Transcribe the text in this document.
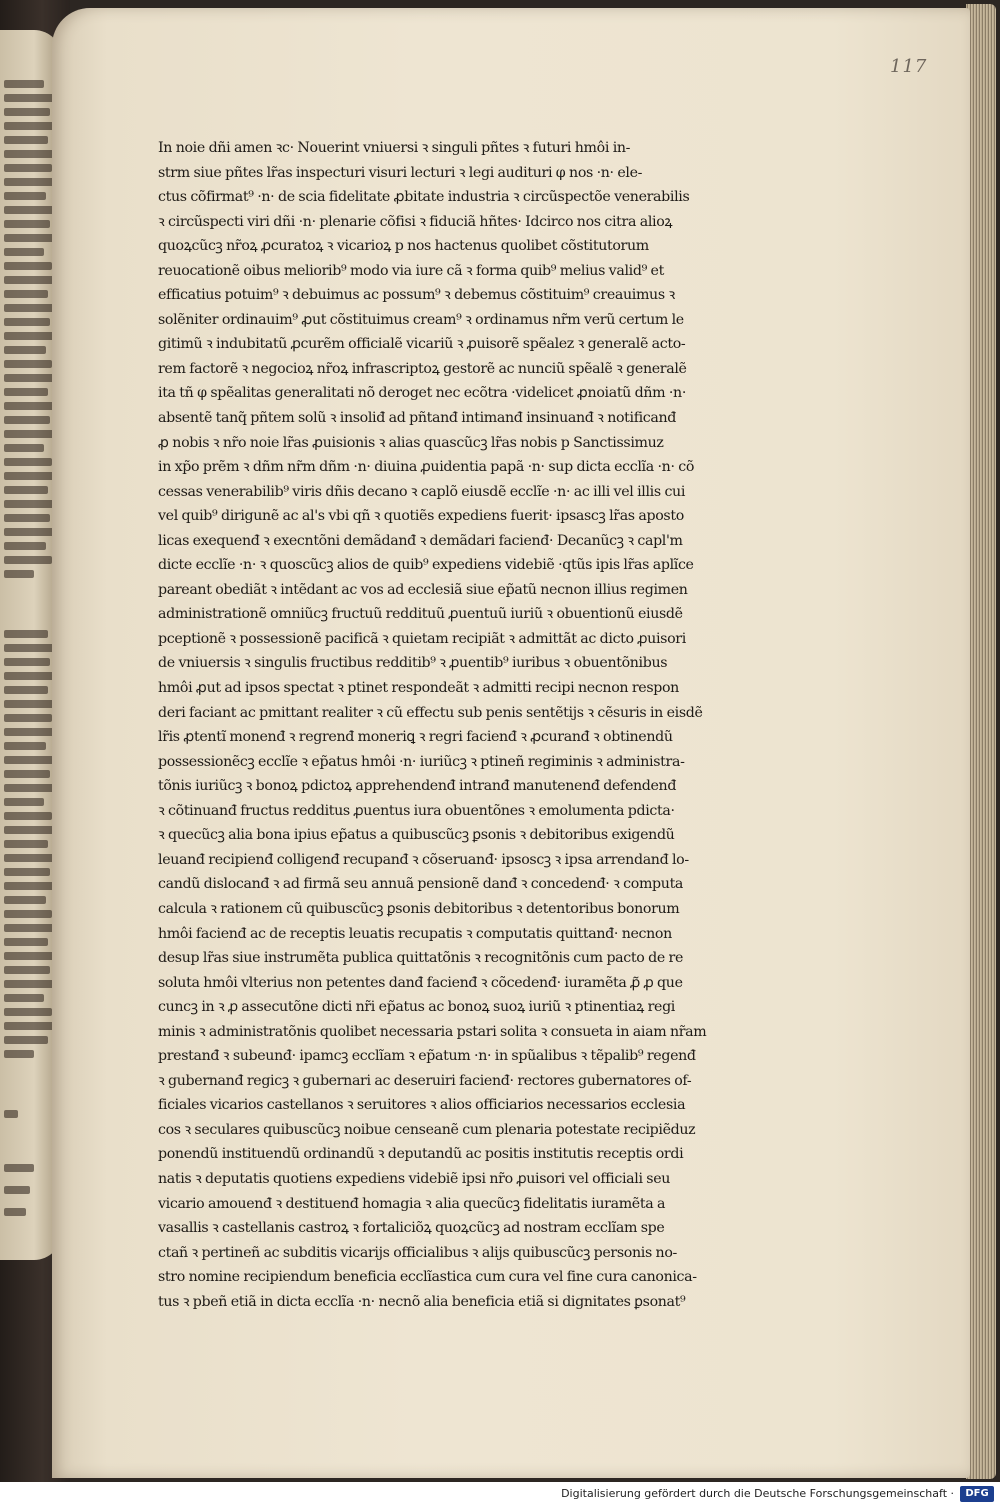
117
In noie dñi amen ꝛc· Nouerint vniuersi ꝛ singuli pñtes ꝛ futuri hmôi in-
strm siue pñtes lr̃as inspecturi visuri lecturi ꝛ legi audituri φ nos ·n· ele-
ctus cõfirmat⁹ ·n· de scia fidelitate ꝓbitate industria ꝛ circũspectõe venerabilis
ꝛ circũspecti viri dñi ·n· plenarie cõfisi ꝛ fiduciã hñtes· Idcirco nos citra alioꝝ
quoꝝcũcꝫ nr̃oꝝ ꝓcuratoꝝ ꝛ vicarioꝝ p nos hactenus quolibet cõstitutorum
reuocationẽ oibus meliorib⁹ modo via iure cã ꝛ forma quib⁹ melius valid⁹ et
efficatius potuim⁹ ꝛ debuimus ac possum⁹ ꝛ debemus cõstituim⁹ creauimus ꝛ
solẽniter ordinauim⁹ ꝓut cõstituimus cream⁹ ꝛ ordinamus nr̃m verũ certum le
gitimũ ꝛ indubitatũ ꝓcurẽm officialẽ vicariũ ꝛ ꝓuisorẽ spẽalez ꝛ generalẽ acto-
rem factorẽ ꝛ negocioꝝ nr̃oꝝ infrascriptoꝝ gestorẽ ac nunciũ spẽalẽ ꝛ generalẽ
ita tñ φ spẽalitas generalitati nõ deroget nec ecõtra ·videlicet ꝓnoiatũ dñm ·n·
absentẽ tanq̃ pñtem solũ ꝛ insoliđ ad pñtanđ intimanđ insinuanđ ꝛ notificanđ
ꝓ nobis ꝛ nr̃o noie lr̃as ꝓuisionis ꝛ alias quascũcꝫ lr̃as nobis p Sanctissimuz
in xp̃o prẽm ꝛ dñm nr̃m dñm ·n· diuina ꝓuidentia papã ·n· sup dicta ecclĩa ·n· cõ
cessas venerabilib⁹ viris dñis decano ꝛ caplõ eiusdẽ ecclĩe ·n· ac illi vel illis cui
vel quib⁹ dirigunẽ ac al's vbi qñ ꝛ quotiẽs expediens fuerit· ipsascꝫ lr̃as aposto
licas exequenđ ꝛ execntõni demãdanđ ꝛ demãdari facienđ· Decanũcꝫ ꝛ capl'm
dicte ecclĩe ·n· ꝛ quoscũcꝫ alios de quib⁹ expediens videbiẽ ·qtũs ipis lr̃as aplĩce
pareant obediãt ꝛ intẽdant ac vos ad ecclesiã siue ep̃atũ necnon illius regimen
administrationẽ omniũcꝫ fructuũ reddituũ ꝓuentuũ iuriũ ꝛ obuentionũ eiusdẽ
pceptionẽ ꝛ possessionẽ pacificã ꝛ quietam recipiãt ꝛ admittãt ac dicto ꝓuisori
de vniuersis ꝛ singulis fructibus redditib⁹ ꝛ ꝓuentib⁹ iuribus ꝛ obuentõnibus
hmôi ꝓut ad ipsos spectat ꝛ ptinet respondeãt ꝛ admitti recipi necnon respon
deri faciant ac pmittant realiter ꝛ cũ effectu sub penis sentẽtijs ꝛ cẽsuris in eisdẽ
lr̃is ꝓtentĩ monenđ ꝛ regrenđ moneriꝗ ꝛ regri facienđ ꝛ ꝓcuranđ ꝛ obtinendũ
possessionẽcꝫ ecclĩe ꝛ ep̃atus hmôi ·n· iuriũcꝫ ꝛ ptineñ regiminis ꝛ administra-
tõnis iuriũcꝫ ꝛ bonoꝝ pdictoꝝ apprehendenđ intranđ manutenenđ defendenđ
ꝛ cõtinuanđ fructus redditus ꝓuentus iura obuentõnes ꝛ emolumenta pdicta·
ꝛ quecũcꝫ alia bona ipius ep̃atus a quibuscũcꝫ ꝑsonis ꝛ debitoribus exigendũ
leuanđ recipienđ colligenđ recupanđ ꝛ cõseruanđ· ipsoscꝫ ꝛ ipsa arrendanđ lo-
candũ dislocanđ ꝛ ad firmã seu annuã pensionẽ danđ ꝛ concedenđ· ꝛ computa
calcula ꝛ rationem cũ quibuscũcꝫ ꝑsonis debitoribus ꝛ detentoribus bonorum
hmôi facienđ ac de receptis leuatis recupatis ꝛ computatis quittanđ· necnon
desup lr̃as siue instrumẽta publica quittatõnis ꝛ recognitõnis cum pacto de re
soluta hmôi vlterius non petentes danđ facienđ ꝛ cõcedenđ· iuramẽta ꝓ̃ ꝓ que
cuncꝫ in ꝛ ꝓ assecutõne dicti nr̃i ep̃atus ac bonoꝝ suoꝝ iuriũ ꝛ ptinentiaꝝ regi
minis ꝛ administratõnis quolibet necessaria pstari solita ꝛ consueta in aiam nr̃am
prestanđ ꝛ subeunđ· ipamcꝫ ecclĩam ꝛ ep̃atum ·n· in spũalibus ꝛ tẽpalib⁹ regenđ
ꝛ gubernanđ regicꝫ ꝛ gubernari ac deseruiri facienđ· rectores gubernatores of-
ficiales vicarios castellanos ꝛ seruitores ꝛ alios officiarios necessarios ecclesia
cos ꝛ seculares quibuscũcꝫ noibue censeanẽ cum plenaria potestate recipiẽduz
ponendũ instituendũ ordinandũ ꝛ deputandũ ac positis institutis receptis ordi
natis ꝛ deputatis quotiens expediens videbiẽ ipsi nr̃o ꝓuisori vel officiali seu
vicario amouenđ ꝛ destituenđ homagia ꝛ alia quecũcꝫ fidelitatis iuramẽta a
vasallis ꝛ castellanis castroꝝ ꝛ fortaliciõꝝ quoꝝcũcꝫ ad nostram ecclĩam spe
ctañ ꝛ pertineñ ac subditis vicarijs officialibus ꝛ alijs quibuscũcꝫ personis no-
stro nomine recipiendum beneficia ecclĩastica cum cura vel fine cura canonica-
tus ꝛ pbeñ etiã in dicta ecclĩa ·n· necnõ alia beneficia etiã si dignitates ꝑsonat⁹
Digitalisierung gefördert durch die Deutsche Forschungsgemeinschaft ·	DFG
